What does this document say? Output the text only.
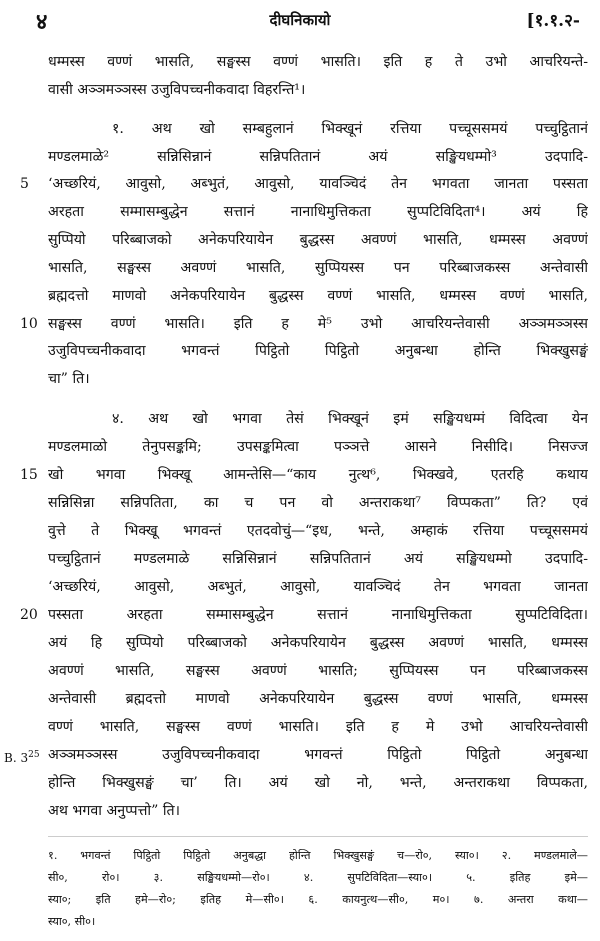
४	दीघनिकायो	[१.१.२-
धम्मस्स वण्णं भासति, सङ्घस्स वण्णं भासति। इति ह ते उभो आचरियन्ते-
वासी अञ्ञमञ्ञस्स उजुविपच्चनीकवादा विहरन्ति¹।
१. अथ खो सम्बहुलानं भिक्खूनं रत्तिया पच्चूससमयं पच्चुट्ठितानं
मण्डलमाळे² सन्निसिन्नानं सन्निपतितानं अयं सङ्खियधम्मो³ उदपादि-
‘अच्छरियं, आवुसो, अब्भुतं, आवुसो, यावञ्चिदं तेन भगवता जानता पस्सता
अरहता सम्मासम्बुद्धेन सत्तानं नानाधिमुत्तिकता सुप्पटिविदिता⁴। अयं हि
सुप्पियो परिब्बाजको अनेकपरियायेन बुद्धस्स अवण्णं भासति, धम्मस्स अवण्णं
भासति, सङ्घस्स अवण्णं भासति, सुप्पियस्स पन परिब्बाजकस्स अन्तेवासी
ब्रह्मदत्तो माणवो अनेकपरियायेन बुद्धस्स वण्णं भासति, धम्मस्स वण्णं भासति,
सङ्घस्स वण्णं भासति। इति ह मे⁵ उभो आचरियन्तेवासी अञ्ञमञ्ञस्स
उजुविपच्चनीकवादा भगवन्तं पिट्ठितो पिट्ठितो अनुबन्धा होन्ति भिक्खुसङ्घं
चा” ति।
४. अथ खो भगवा तेसं भिक्खूनं इमं सङ्खियधम्मं विदित्वा येन
मण्डलमाळो तेनुपसङ्कमि; उपसङ्कमित्वा पञ्ञत्ते आसने निसीदि। निसज्ज
खो भगवा भिक्खू आमन्तेसि—“काय नुत्थ⁶, भिक्खवे, एतरहि कथाय
सन्निसिन्ना सन्निपतिता, का च पन वो अन्तराकथा⁷ विप्पकता” ति? एवं
वुत्ते ते भिक्खू भगवन्तं एतदवोचुं—“इध, भन्ते, अम्हाकं रत्तिया पच्चूससमयं
पच्चुट्ठितानं मण्डलमाळे सन्निसिन्नानं सन्निपतितानं अयं सङ्खियधम्मो उदपादि-
‘अच्छरियं, आवुसो, अब्भुतं, आवुसो, यावञ्चिदं तेन भगवता जानता
पस्सता अरहता सम्मासम्बुद्धेन सत्तानं नानाधिमुत्तिकता सुप्पटिविदिता।
अयं हि सुप्पियो परिब्बाजको अनेकपरियायेन बुद्धस्स अवण्णं भासति, धम्मस्स
अवण्णं भासति, सङ्घस्स अवण्णं भासति; सुप्पियस्स पन परिब्बाजकस्स
अन्तेवासी ब्रह्मदत्तो माणवो अनेकपरियायेन बुद्धस्स वण्णं भासति, धम्मस्स
वण्णं भासति, सङ्घस्स वण्णं भासति। इति ह मे उभो आचरियन्तेवासी
अञ्ञमञ्ञस्स उजुविपच्चनीकवादा भगवन्तं पिट्ठितो पिट्ठितो अनुबन्धा
होन्ति भिक्खुसङ्घं चा’ ति। अयं खो नो, भन्ते, अन्तराकथा विप्पकता,
अथ भगवा अनुप्पत्तो” ति।
5
10
15
20
B. $3^{25}$
१. भगवन्तं पिट्ठितो पिट्ठितो अनुबद्धा होन्ति भिक्खुसङ्घं च—रो०, स्या०। २. मण्डलमाले—
सी०, रो०। ३. सङ्खियधम्मो—रो०। ४. सुपटिविदिता—स्या०। ५. इतिह इमे—
स्या०; इति हमे—रो०; इतिह मे—सी०। ६. कायनुत्थ—सी०, म०। ७. अन्तरा कथा—
स्या०, सी०।
